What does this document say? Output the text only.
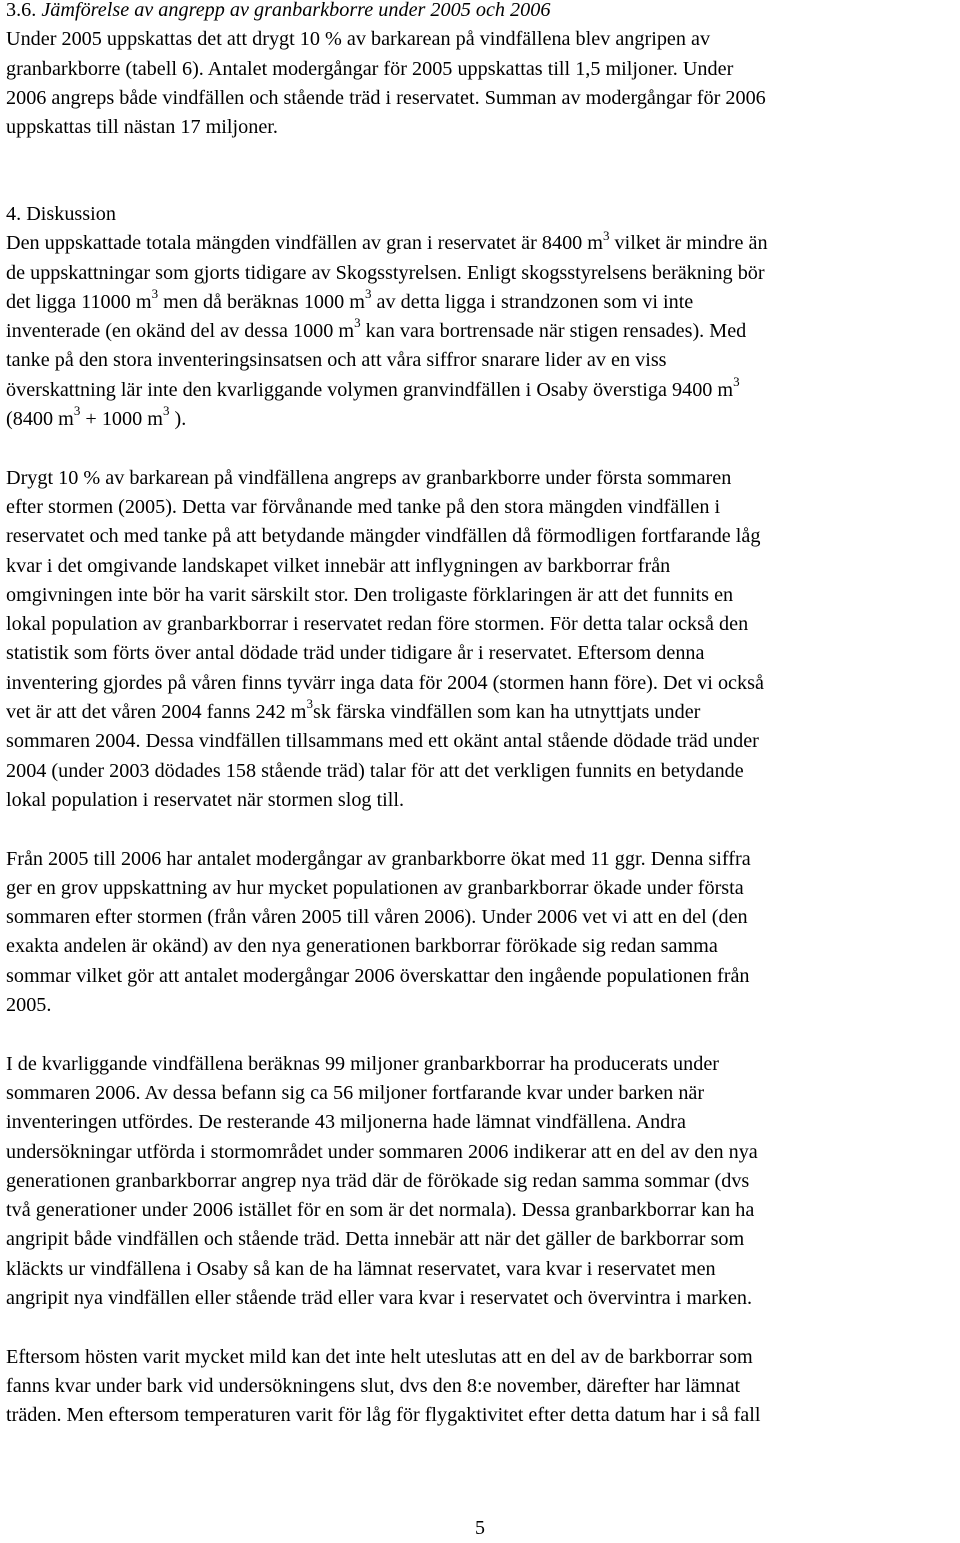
3.6. Jämförelse av angrepp av granbarkborre under 2005 och 2006
Under 2005 uppskattas det att drygt 10 % av barkarean på vindfällena blev angripen av
granbarkborre (tabell 6). Antalet modergångar för 2005 uppskattas till 1,5 miljoner. Under
2006 angreps både vindfällen och stående träd i reservatet. Summan av modergångar för 2006
uppskattas till nästan 17 miljoner.
4. Diskussion
Den uppskattade totala mängden vindfällen av gran i reservatet är 8400 $m^3$ vilket är mindre än
de uppskattningar som gjorts tidigare av Skogsstyrelsen. Enligt skogsstyrelsens beräkning bör
det ligga 11000 $m^3$ men då beräknas 1000 $m^3$ av detta ligga i strandzonen som vi inte
inventerade (en okänd del av dessa 1000 $m^3$ kan vara bortrensade när stigen rensades). Med
tanke på den stora inventeringsinsatsen och att våra siffror snarare lider av en viss
överskattning lär inte den kvarliggande volymen granvindfällen i Osaby överstiga 9400 $m^3$
(8400 $m^3 + 1000$ $m^3$ ).
Drygt 10 % av barkarean på vindfällena angreps av granbarkborre under första sommaren
efter stormen (2005). Detta var förvånande med tanke på den stora mängden vindfällen i
reservatet och med tanke på att betydande mängder vindfällen då förmodligen fortfarande låg
kvar i det omgivande landskapet vilket innebär att inflygningen av barkborrar från
omgivningen inte bör ha varit särskilt stor. Den troligaste förklaringen är att det funnits en
lokal population av granbarkborrar i reservatet redan före stormen. För detta talar också den
statistik som förts över antal dödade träd under tidigare år i reservatet. Eftersom denna
inventering gjordes på våren finns tyvärr inga data för 2004 (stormen hann före). Det vi också
vet är att det våren 2004 fanns 242 $m^3sk$ färska vindfällen som kan ha utnyttjats under
sommaren 2004. Dessa vindfällen tillsammans med ett okänt antal stående dödade träd under
2004 (under 2003 dödades 158 stående träd) talar för att det verkligen funnits en betydande
lokal population i reservatet när stormen slog till.
Från 2005 till 2006 har antalet modergångar av granbarkborre ökat med 11 ggr. Denna siffra
ger en grov uppskattning av hur mycket populationen av granbarkborrar ökade under första
sommaren efter stormen (från våren 2005 till våren 2006). Under 2006 vet vi att en del (den
exakta andelen är okänd) av den nya generationen barkborrar förökade sig redan samma
sommar vilket gör att antalet modergångar 2006 överskattar den ingående populationen från
2005.
I de kvarliggande vindfällena beräknas 99 miljoner granbarkborrar ha producerats under
sommaren 2006. Av dessa befann sig ca 56 miljoner fortfarande kvar under barken när
inventeringen utfördes. De resterande 43 miljonerna hade lämnat vindfällena. Andra
undersökningar utförda i stormområdet under sommaren 2006 indikerar att en del av den nya
generationen granbarkborrar angrep nya träd där de förökade sig redan samma sommar (dvs
två generationer under 2006 istället för en som är det normala). Dessa granbarkborrar kan ha
angripit både vindfällen och stående träd. Detta innebär att när det gäller de barkborrar som
kläckts ur vindfällena i Osaby så kan de ha lämnat reservatet, vara kvar i reservatet men
angripit nya vindfällen eller stående träd eller vara kvar i reservatet och övervintra i marken.
Eftersom hösten varit mycket mild kan det inte helt uteslutas att en del av de barkborrar som
fanns kvar under bark vid undersökningens slut, dvs den 8:e november, därefter har lämnat
träden. Men eftersom temperaturen varit för låg för flygaktivitet efter detta datum har i så fall
5
